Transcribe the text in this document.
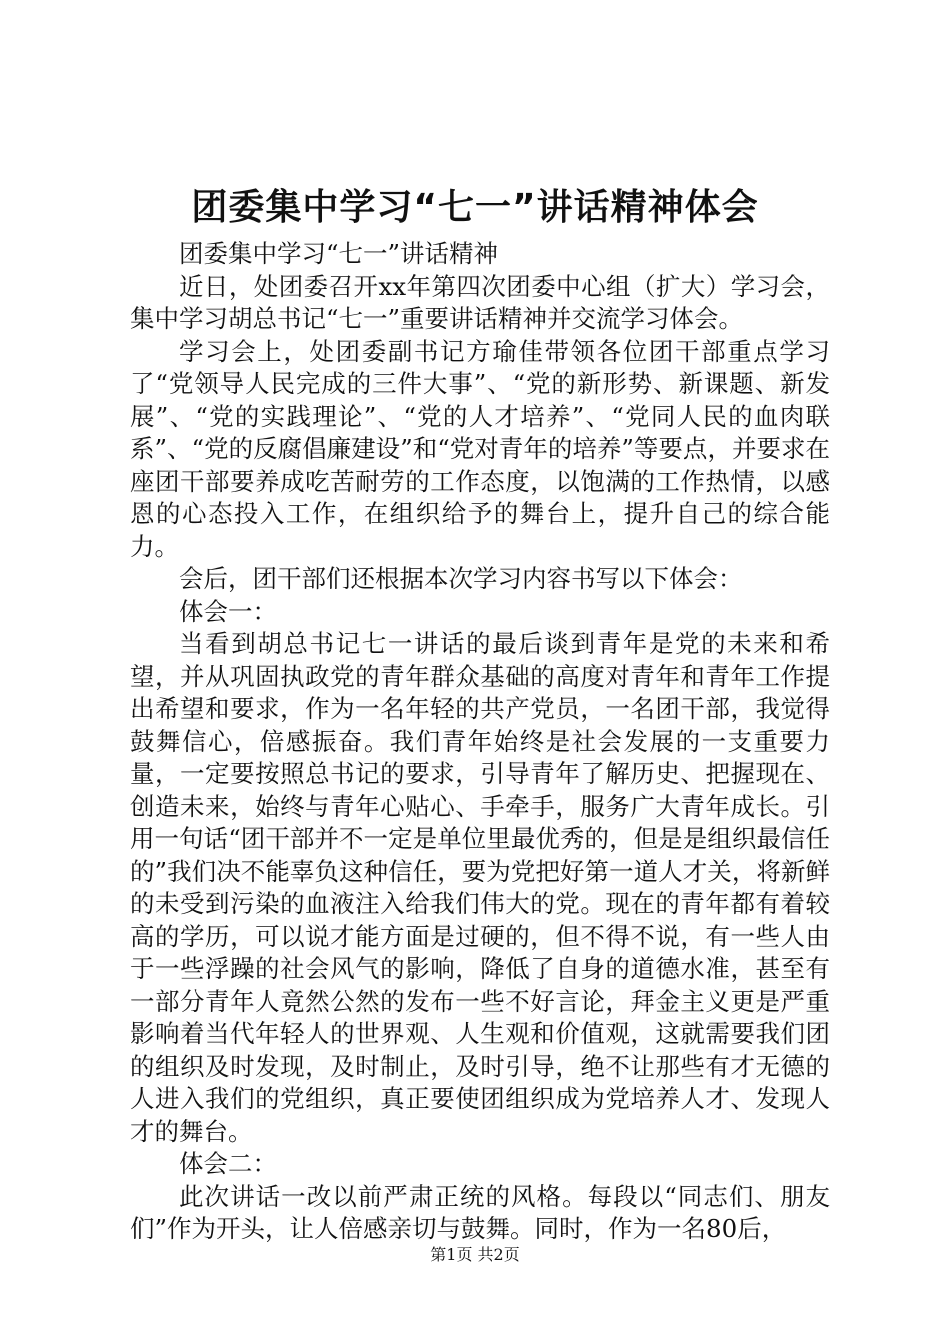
团委集中学习“七一”讲话精神体会

团委集中学习“七一”讲话精神

近日，处团委召开xx年第四次团委中心组（扩大）学习会，集中学习胡总书记“七一”重要讲话精神并交流学习体会。

学习会上，处团委副书记方瑜佳带领各位团干部重点学习了“党领导人民完成的三件大事”、“党的新形势、新课题、新发展”、“党的实践理论”、“党的人才培养”、“党同人民的血肉联系”、“党的反腐倡廉建设”和“党对青年的培养”等要点，并要求在座团干部要养成吃苦耐劳的工作态度，以饱满的工作热情，以感恩的心态投入工作，在组织给予的舞台上，提升自己的综合能力。

会后，团干部们还根据本次学习内容书写以下体会：

体会一：

当看到胡总书记七一讲话的最后谈到青年是党的未来和希望，并从巩固执政党的青年群众基础的高度对青年和青年工作提出希望和要求，作为一名年轻的共产党员，一名团干部，我觉得鼓舞信心，倍感振奋。我们青年始终是社会发展的一支重要力量，一定要按照总书记的要求，引导青年了解历史、把握现在、创造未来，始终与青年心贴心、手牵手，服务广大青年成长。引用一句话“团干部并不一定是单位里最优秀的，但是是组织最信任的”我们决不能辜负这种信任，要为党把好第一道人才关，将新鲜的未受到污染的血液注入给我们伟大的党。现在的青年都有着较高的学历，可以说才能方面是过硬的，但不得不说，有一些人由于一些浮躁的社会风气的影响，降低了自身的道德水准，甚至有一部分青年人竟然公然的发布一些不好言论，拜金主义更是严重影响着当代年轻人的世界观、人生观和价值观，这就需要我们团的组织及时发现，及时制止，及时引导，绝不让那些有才无德的人进入我们的党组织，真正要使团组织成为党培养人才、发现人才的舞台。

体会二：

此次讲话一改以前严肃正统的风格。每段以“同志们、朋友们”作为开头，让人倍感亲切与鼓舞。同时，作为一名80后，

第1页 共2页
